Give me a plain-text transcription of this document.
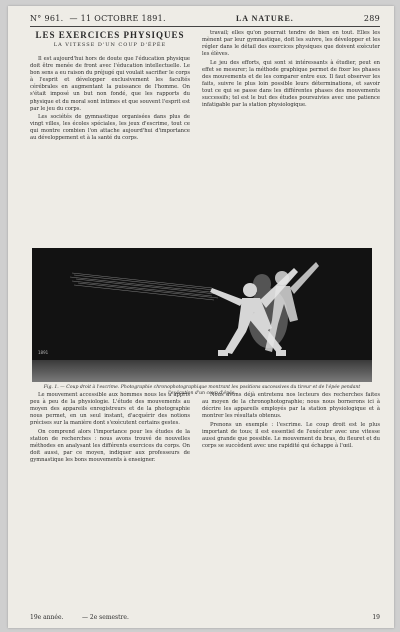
N° 961. — 11 OCTOBRE 1891.	LA NATURE.	289
LES EXERCICES PHYSIQUES
LA VITESSE D'UN COUP D'ÉPÉE

Il est aujourd'hui hors de doute que l'éducation physique doit être menée de front avec l'éducation intellectuelle. Le bon sens a eu raison du préjugé qui voulait sacrifier le corps à l'esprit et développer exclusivement les facultés cérébrales en augmentant la puissance de l'homme. On s'était imposé un but non fondé, que les rapports du physique et du moral sont intimes et que souvent l'esprit est par le jeu du corps.

Les sociétés de gymnastique organisées dans plus de vingt villes, les écoles spéciales, les jeux d'escrime, tout ce qui montre combien l'on attache aujourd'hui d'importance au développement et à la santé du corps.

travail; elles qu'on pourrait tendre de bien en tout. Elles les mènent par leur gymnastique, doit les suivre, les développer et les régler dans le détail des exercices physiques que doivent exécuter les élèves.

Le jeu des efforts, qui sont si intéressants à étudier, peut en effet se mesurer; la méthode graphique permet de fixer les phases des mouvements et de les comparer entre eux. Il faut observer les faits, suivre le plus loin possible leurs déterminations, et savoir tout ce qui se passe dans les différentes phases des mouvements successifs; tel est le but des études poursuivies avec une patience infatigable par la station physiologique.

1891
Fig. 1. — Coup droit à l'escrime. Photographie chronophotographique montrant les positions successives du tireur et de l'épée pendant l'exécution d'un coup d'épée.

Le mouvement accessible aux hommes nous les a appris peu à peu de la physiologie. L'étude des mouvements au moyen des appareils enregistreurs et de la photographie nous permet, en un seul instant, d'acquérir des notions précises sur la manière dont s'exécutent certains gestes.

On comprend alors l'importance pour les études de la station de recherches : nous avons trouvé de nouvelles méthodes en analysant les différents exercices du corps. On doit aussi, par ce moyen, indiquer aux professeurs de gymnastique les bons mouvements à enseigner.

Nous avons déjà entretenu nos lecteurs des recherches faites au moyen de la chronophotographie; nous nous bornerons ici à décrire les appareils employés par la station physiologique et à montrer les résultats obtenus.

Prenons un exemple : l'escrime. Le coup droit est le plus important de tous; il est essentiel de l'exécuter avec une vitesse aussi grande que possible. Le mouvement du bras, du fleuret et du corps se succèdent avec une rapidité qui échappe à l'œil.

19e année.	— 2e semestre.	19
